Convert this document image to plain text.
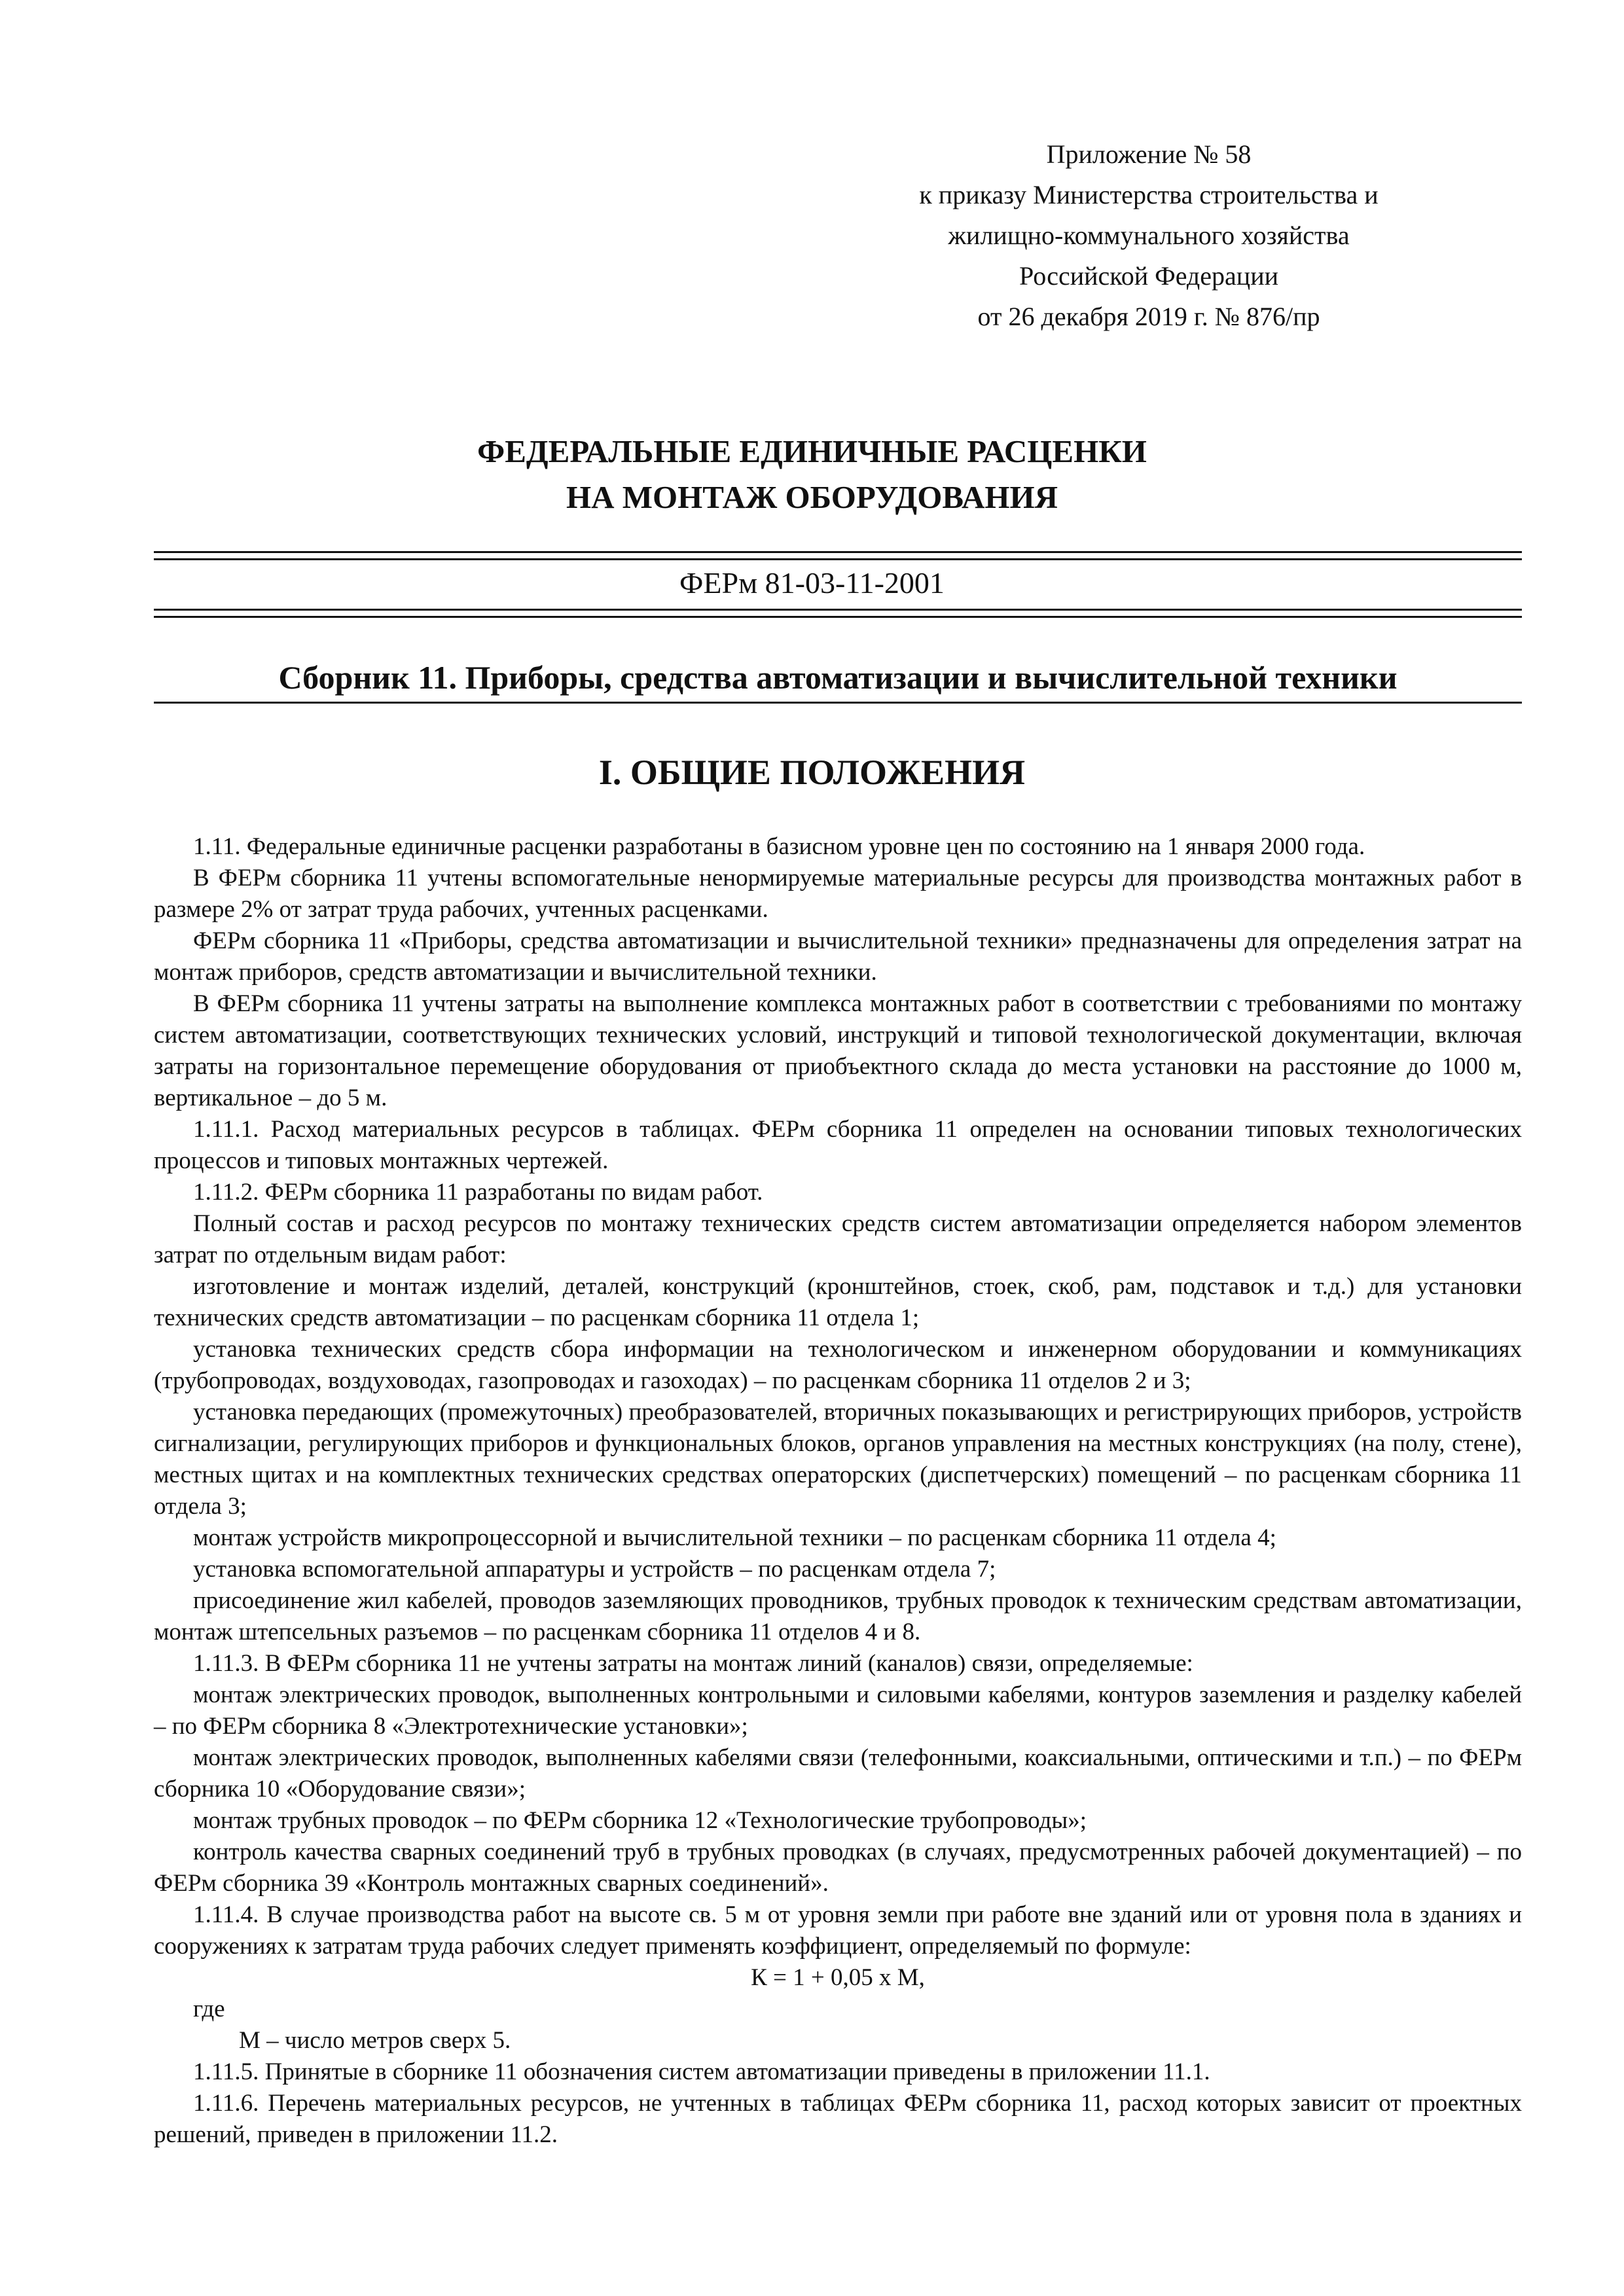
Приложение № 58
к приказу Министерства строительства и
жилищно-коммунального хозяйства
Российской Федерации
от 26 декабря 2019 г. № 876/пр
ФЕДЕРАЛЬНЫЕ ЕДИНИЧНЫЕ РАСЦЕНКИ
НА МОНТАЖ ОБОРУДОВАНИЯ
ФЕРм 81-03-11-2001
Сборник 11. Приборы, средства автоматизации и вычислительной техники
I. ОБЩИЕ ПОЛОЖЕНИЯ

1.11. Федеральные единичные расценки разработаны в базисном уровне цен по состоянию на 1 января 2000 года.

В ФЕРм сборника 11 учтены вспомогательные ненормируемые материальные ресурсы для производства монтажных работ в размере 2% от затрат труда рабочих, учтенных расценками.

ФЕРм сборника 11 «Приборы, средства автоматизации и вычислительной техники» предназначены для определения затрат на монтаж приборов, средств автоматизации и вычислительной техники.

В ФЕРм сборника 11 учтены затраты на выполнение комплекса монтажных работ в соответствии с требованиями по монтажу систем автоматизации, соответствующих технических условий, инструкций и типовой технологической документации, включая затраты на горизонтальное перемещение оборудования от приобъектного склада до места установки на расстояние до 1000 м, вертикальное – до 5 м.

1.11.1. Расход материальных ресурсов в таблицах. ФЕРм сборника 11 определен на основании типовых технологических процессов и типовых монтажных чертежей.

1.11.2. ФЕРм сборника 11 разработаны по видам работ.

Полный состав и расход ресурсов по монтажу технических средств систем автоматизации определяется набором элементов затрат по отдельным видам работ:

изготовление и монтаж изделий, деталей, конструкций (кронштейнов, стоек, скоб, рам, подставок и т.д.) для установки технических средств автоматизации – по расценкам сборника 11 отдела 1;

установка технических средств сбора информации на технологическом и инженерном оборудовании и коммуникациях (трубопроводах, воздуховодах, газопроводах и газоходах) – по расценкам сборника 11 отделов 2 и 3;

установка передающих (промежуточных) преобразователей, вторичных показывающих и регистрирующих приборов, устройств сигнализации, регулирующих приборов и функциональных блоков, органов управления на местных конструкциях (на полу, стене), местных щитах и на комплектных технических средствах операторских (диспетчерских) помещений – по расценкам сборника 11 отдела 3;

монтаж устройств микропроцессорной и вычислительной техники – по расценкам сборника 11 отдела 4;

установка вспомогательной аппаратуры и устройств – по расценкам отдела 7;

присоединение жил кабелей, проводов заземляющих проводников, трубных проводок к техническим средствам автоматизации, монтаж штепсельных разъемов – по расценкам сборника 11 отделов 4 и 8.

1.11.3. В ФЕРм сборника 11 не учтены затраты на монтаж линий (каналов) связи, определяемые:

монтаж электрических проводок, выполненных контрольными и силовыми кабелями, контуров заземления и разделку кабелей – по ФЕРм сборника 8 «Электротехнические установки»;

монтаж электрических проводок, выполненных кабелями связи (телефонными, коаксиальными, оптическими и т.п.) – по ФЕРм сборника 10 «Оборудование связи»;

монтаж трубных проводок – по ФЕРм сборника 12 «Технологические трубопроводы»;

контроль качества сварных соединений труб в трубных проводках (в случаях, предусмотренных рабочей документацией) – по ФЕРм сборника 39 «Контроль монтажных сварных соединений».

1.11.4. В случае производства работ на высоте св. 5 м от уровня земли при работе вне зданий или от уровня пола в зданиях и сооружениях к затратам труда рабочих следует применять коэффициент, определяемый по формуле:

К = 1 + 0,05 x М,

где

М – число метров сверх 5.

1.11.5. Принятые в сборнике 11 обозначения систем автоматизации приведены в приложении 11.1.

1.11.6. Перечень материальных ресурсов, не учтенных в таблицах ФЕРм сборника 11, расход которых зависит от проектных решений, приведен в приложении 11.2.
